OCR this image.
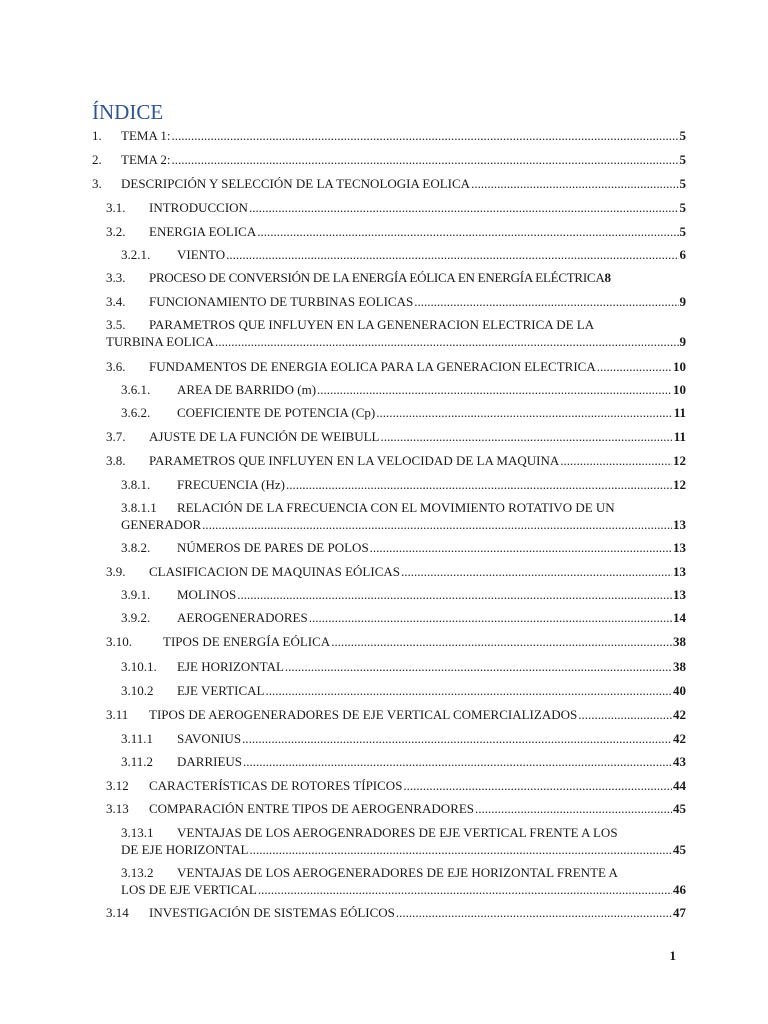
ÍNDICE
1.	TEMA 1: .....	5
2.	TEMA 2: .....	5
3.	DESCRIPCIÓN Y SELECCIÓN DE LA TECNOLOGIA EOLICA .....	5
3.1.	INTRODUCCION .....	5
3.2.	ENERGIA EOLICA .....	5
3.2.1.	VIENTO .....	6
3.3.	PROCESO DE CONVERSIÓN DE LA ENERGÍA EÓLICA EN ENERGÍA ELÉCTRICA 8
3.4.	FUNCIONAMIENTO DE TURBINAS EOLICAS .....	9
3.5. PARAMETROS QUE INFLUYEN EN LA GENENERACION ELECTRICA DE LA
TURBINA EOLICA .....	9
3.6.	FUNDAMENTOS DE ENERGIA EOLICA PARA LA GENERACION ELECTRICA .....	10
3.6.1.	AREA DE BARRIDO (m) .....	10
3.6.2.	COEFICIENTE DE POTENCIA (Cp) .....	11
3.7.	AJUSTE DE LA FUNCIÓN DE WEIBULL .....	11
3.8.	PARAMETROS QUE INFLUYEN EN LA VELOCIDAD DE LA MAQUINA .....	12
3.8.1.	FRECUENCIA (Hz) .....	12
3.8.1.1 RELACIÓN DE LA FRECUENCIA CON EL MOVIMIENTO ROTATIVO DE UN
GENERADOR .....	13
3.8.2.	NÚMEROS DE PARES DE POLOS .....	13
3.9.	CLASIFICACION DE MAQUINAS EÓLICAS .....	13
3.9.1.	MOLINOS .....	13
3.9.2.	AEROGENERADORES .....	14
3.10.	TIPOS DE ENERGÍA EÓLICA .....	38
3.10.1.	EJE HORIZONTAL .....	38
3.10.2	EJE VERTICAL .....	40
3.11	TIPOS DE AEROGENERADORES DE EJE VERTICAL COMERCIALIZADOS .....	42
3.11.1	SAVONIUS .....	42
3.11.2	DARRIEUS .....	43
3.12	CARACTERÍSTICAS DE ROTORES TÍPICOS .....	44
3.13	COMPARACIÓN ENTRE TIPOS DE AEROGENRADORES .....	45
3.13.1 VENTAJAS DE LOS AEROGENRADORES DE EJE VERTICAL FRENTE A LOS
DE EJE HORIZONTAL .....	45
3.13.2 VENTAJAS DE LOS AEROGENERADORES DE EJE HORIZONTAL FRENTE A
LOS DE EJE VERTICAL .....	46
3.14	INVESTIGACIÓN DE SISTEMAS EÓLICOS .....	47
1
